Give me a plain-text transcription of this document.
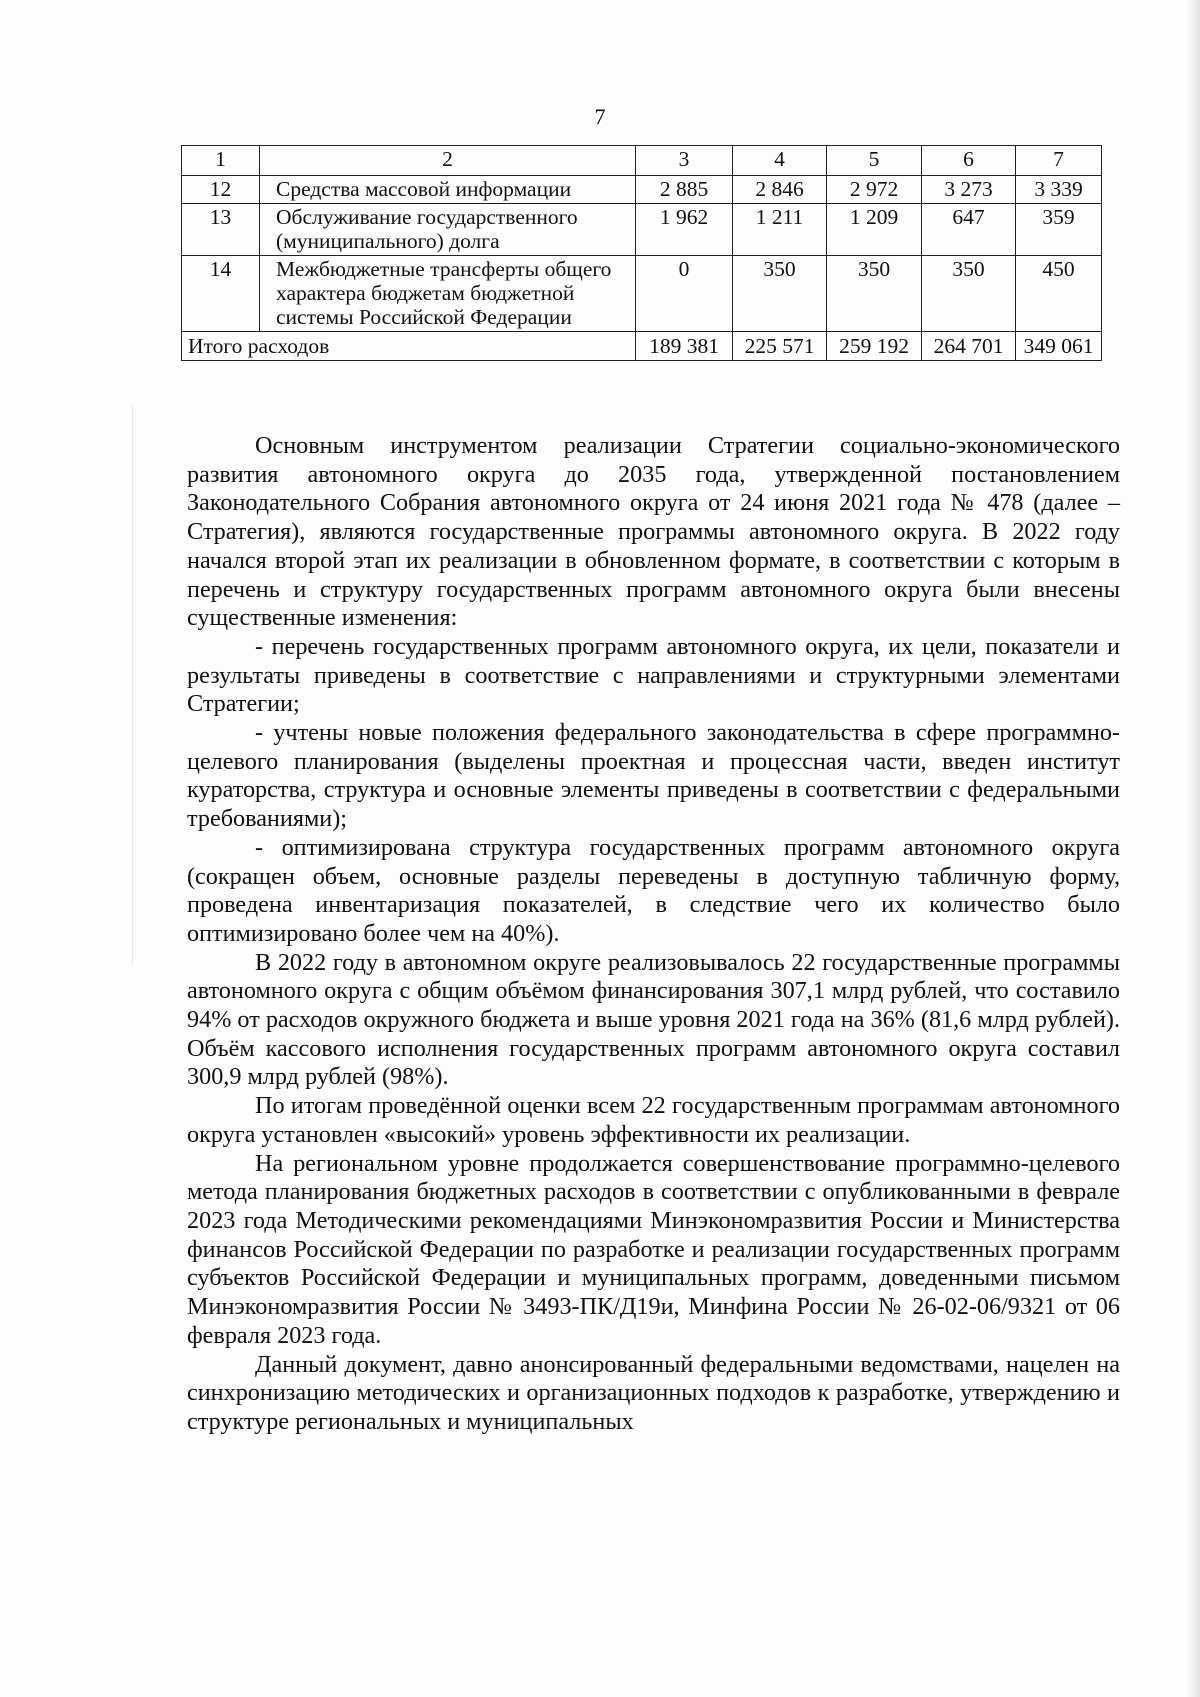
7
1	2	3	4	5	6	7
12	Средства массовой информации	2 885	2 846	2 972	3 273	3 339
13	Обслуживание государственного (муниципального) долга	1 962	1 211	1 209	647	359
14	Межбюджетные трансферты общего характера бюджетам бюджетной системы Российской Федерации	0	350	350	350	450
Итого расходов		189 381	225 571	259 192	264 701	349 061

Основным инструментом реализации Стратегии социально-экономического развития автономного округа до 2035 года, утвержденной постановлением Законодательного Собрания автономного округа от 24 июня 2021 года № 478 (далее – Стратегия), являются государственные программы автономного округа. В 2022 году начался второй этап их реализации в обновленном формате, в соответствии с которым в перечень и структуру государственных программ автономного округа были внесены существенные изменения:

- перечень государственных программ автономного округа, их цели, показатели и результаты приведены в соответствие с направлениями и структурными элементами Стратегии;

- учтены новые положения федерального законодательства в сфере программно-целевого планирования (выделены проектная и процессная части, введен институт кураторства, структура и основные элементы приведены в соответствии с федеральными требованиями);

- оптимизирована структура государственных программ автономного округа (сокращен объем, основные разделы переведены в доступную табличную форму, проведена инвентаризация показателей, в следствие чего их количество было оптимизировано более чем на 40%).

В 2022 году в автономном округе реализовывалось 22 государственные программы автономного округа с общим объёмом финансирования 307,1 млрд рублей, что составило 94% от расходов окружного бюджета и выше уровня 2021 года на 36% (81,6 млрд рублей). Объём кассового исполнения государственных программ автономного округа составил 300,9 млрд рублей (98%).

По итогам проведённой оценки всем 22 государственным программам автономного округа установлен «высокий» уровень эффективности их реализации.

На региональном уровне продолжается совершенствование программно-целевого метода планирования бюджетных расходов в соответствии с опубликованными в феврале 2023 года Методическими рекомендациями Минэкономразвития России и Министерства финансов Российской Федерации по разработке и реализации государственных программ субъектов Российской Федерации и муниципальных программ, доведенными письмом Минэкономразвития России № 3493-ПК/Д19и, Минфина России № 26-02-06/9321 от 06 февраля 2023 года.

Данный документ, давно анонсированный федеральными ведомствами, нацелен на синхронизацию методических и организационных подходов к разработке, утверждению и структуре региональных и муниципальных
